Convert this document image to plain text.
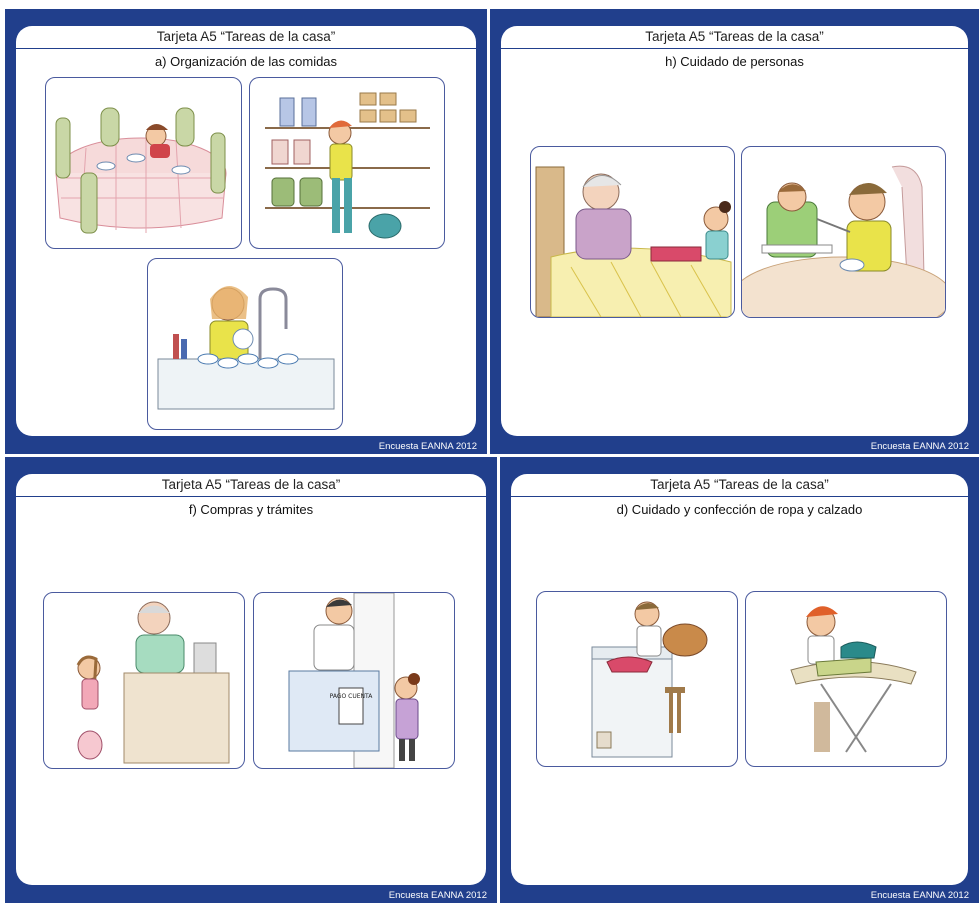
Tarjeta A5 “Tareas de la casa”
a) Organización de las comidas
Encuesta EANNA 2012
Tarjeta A5 “Tareas de la casa”
h) Cuidado de personas
Encuesta EANNA 2012
Tarjeta A5 “Tareas de la casa”
f) Compras y trámites
PAGO CUENTA
Encuesta EANNA 2012
Tarjeta A5 “Tareas de la casa”
d) Cuidado y confección de ropa y calzado
Encuesta EANNA 2012
